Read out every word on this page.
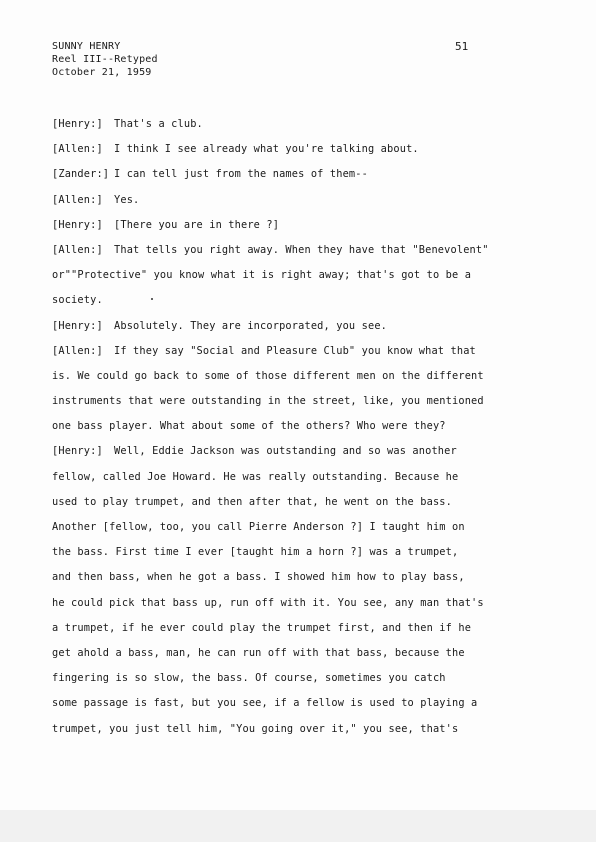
SUNNY HENRY
Reel III--Retyped
October 21, 1959
51
[Henry:] That's a club.
[Allen:] I think I see already what you're talking about.
[Zander:] I can tell just from the names of them--
[Allen:] Yes.
[Henry:] [There you are in there ?]
[Allen:] That tells you right away. When they have that "Benevolent"
or""Protective" you know what it is right away; that's got to be a
society.
[Henry:] Absolutely. They are incorporated, you see.
[Allen:] If they say "Social and Pleasure Club" you know what that
is. We could go back to some of those different men on the different
instruments that were outstanding in the street, like, you mentioned
one bass player. What about some of the others? Who were they?
[Henry:] Well, Eddie Jackson was outstanding and so was another
fellow, called Joe Howard. He was really outstanding. Because he
used to play trumpet, and then after that, he went on the bass.
Another [fellow, too, you call Pierre Anderson ?] I taught him on
the bass. First time I ever [taught him a horn ?] was a trumpet,
and then bass, when he got a bass. I showed him how to play bass,
he could pick that bass up, run off with it. You see, any man that's
a trumpet, if he ever could play the trumpet first, and then if he
get ahold a bass, man, he can run off with that bass, because the
fingering is so slow, the bass. Of course, sometimes you catch
some passage is fast, but you see, if a fellow is used to playing a
trumpet, you just tell him, "You going over it," you see, that's
